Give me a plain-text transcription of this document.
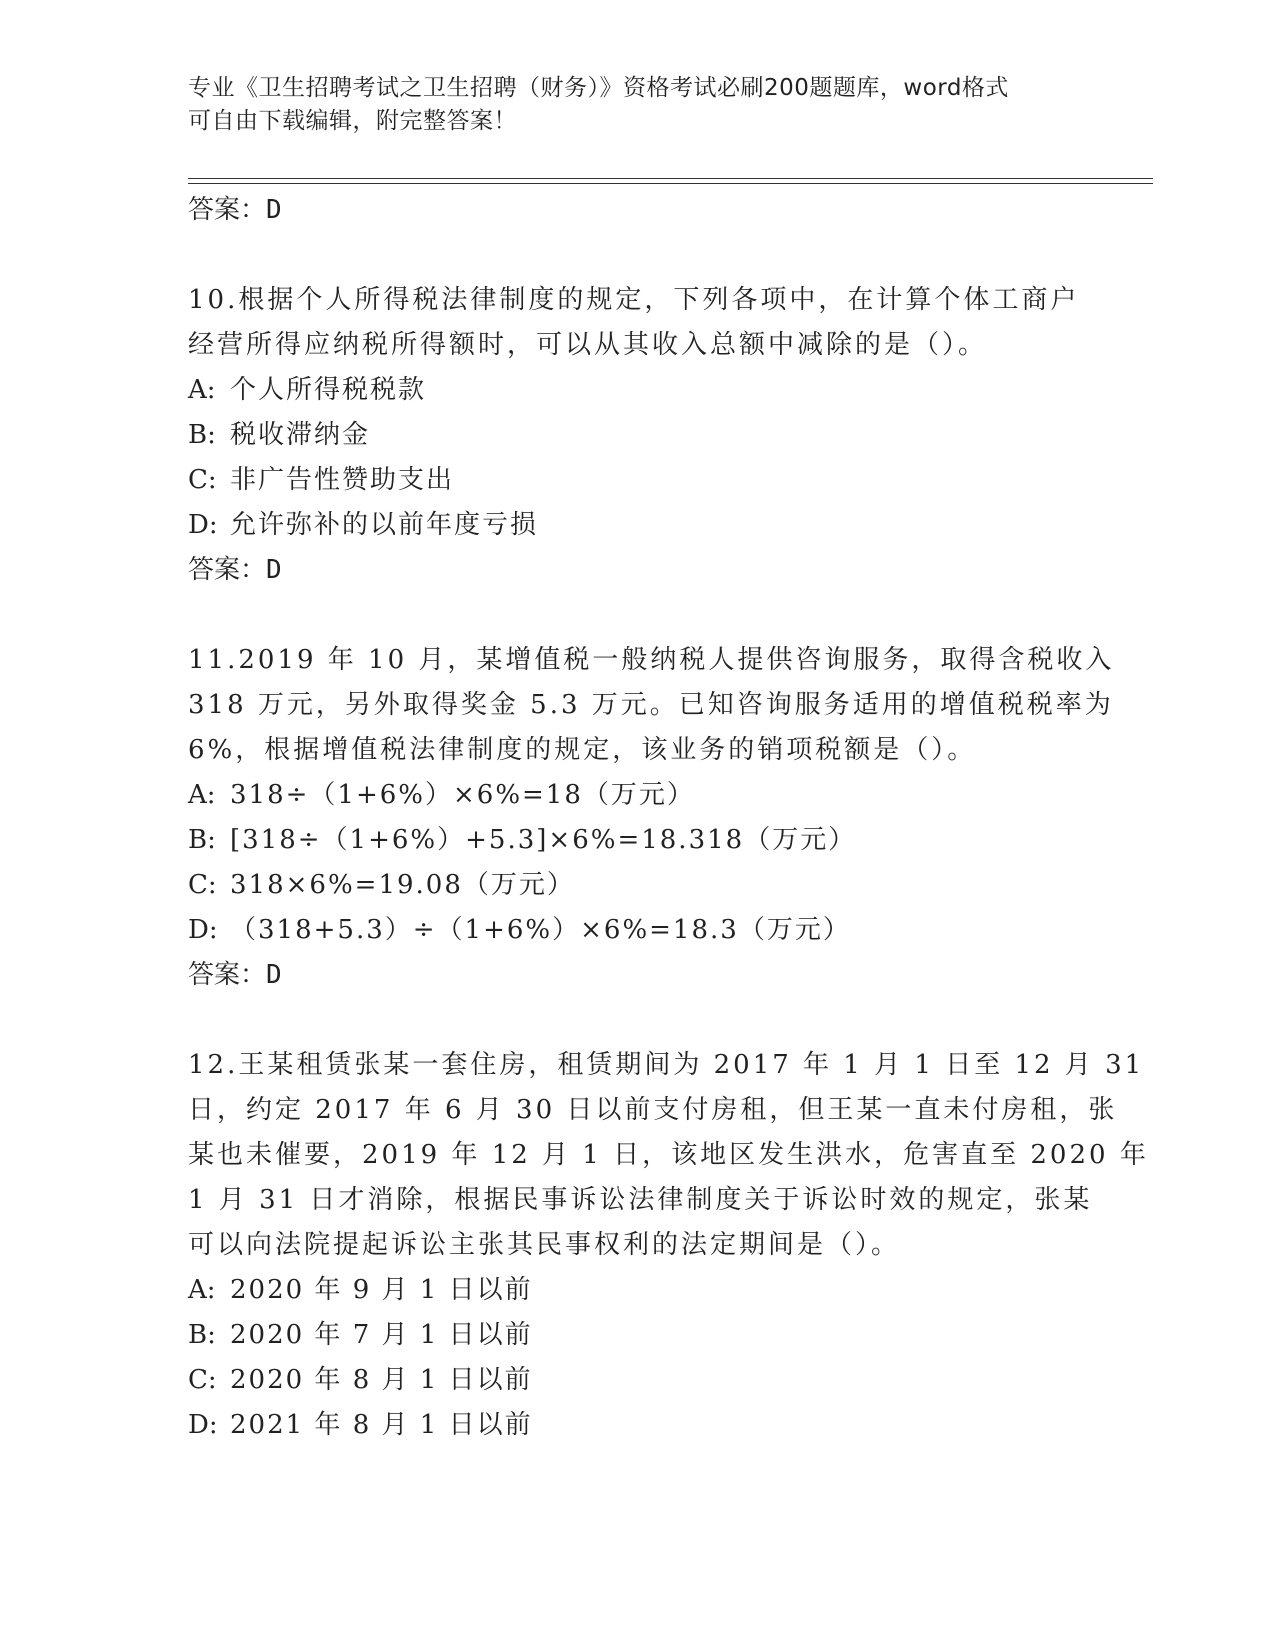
专业《卫生招聘考试之卫生招聘（财务）》资格考试必刷200题题库，word格式
可自由下载编辑，附完整答案！
答案：D
10.根据个人所得税法律制度的规定，下列各项中，在计算个体工商户
经营所得应纳税所得额时，可以从其收入总额中减除的是（）。
A: 个人所得税税款
B: 税收滞纳金
C: 非广告性赞助支出
D: 允许弥补的以前年度亏损
答案：D
11.2019 年 10 月，某增值税一般纳税人提供咨询服务，取得含税收入
318 万元，另外取得奖金 5.3 万元。已知咨询服务适用的增值税税率为
6%，根据增值税法律制度的规定，该业务的销项税额是（）。
A: 318÷（1+6%）×6%=18（万元）
B: [318÷（1+6%）+5.3]×6%=18.318（万元）
C: 318×6%=19.08（万元）
D: （318+5.3）÷（1+6%）×6%=18.3（万元）
答案：D
12.王某租赁张某一套住房，租赁期间为 2017 年 1 月 1 日至 12 月 31
日，约定 2017 年 6 月 30 日以前支付房租，但王某一直未付房租，张
某也未催要，2019 年 12 月 1 日，该地区发生洪水，危害直至 2020 年
1 月 31 日才消除，根据民事诉讼法律制度关于诉讼时效的规定，张某
可以向法院提起诉讼主张其民事权利的法定期间是（）。
A: 2020 年 9 月 1 日以前
B: 2020 年 7 月 1 日以前
C: 2020 年 8 月 1 日以前
D: 2021 年 8 月 1 日以前
